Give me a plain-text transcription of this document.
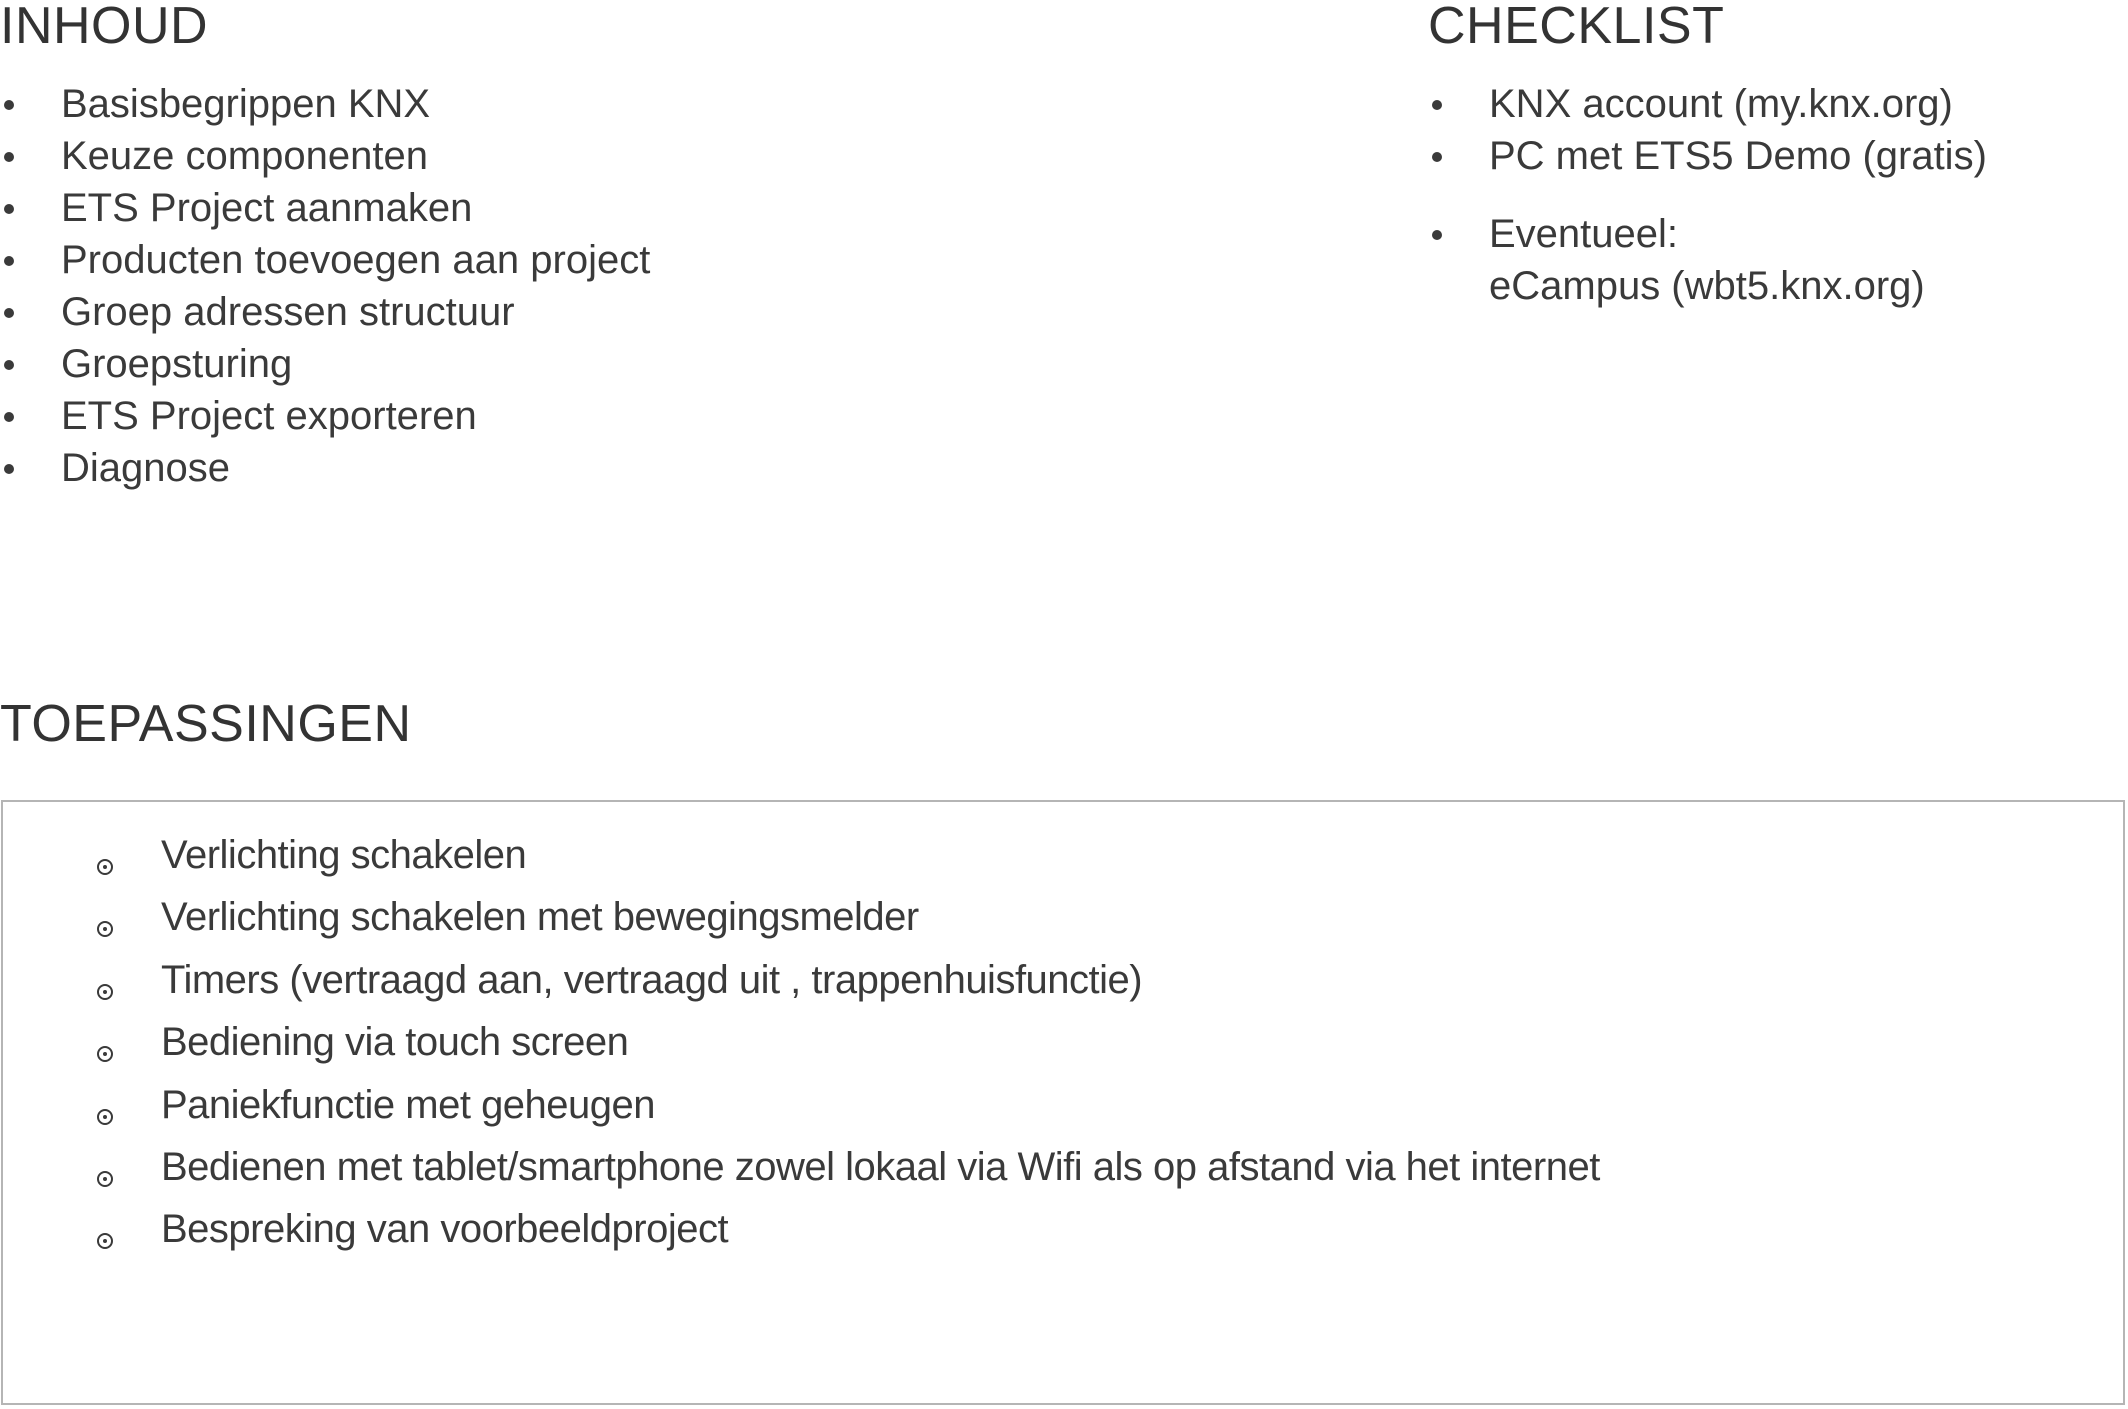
INHOUD
Basisbegrippen KNX
Keuze componenten
ETS Project aanmaken
Producten toevoegen aan project
Groep adressen structuur
Groepsturing
ETS Project exporteren
Diagnose
CHECKLIST
KNX account (my.knx.org)
PC met ETS5 Demo (gratis)
Eventueel:
eCampus (wbt5.knx.org)
TOEPASSINGEN
Verlichting schakelen
Verlichting schakelen met bewegingsmelder
Timers (vertraagd aan, vertraagd uit , trappenhuisfunctie)
Bediening via touch screen
Paniekfunctie met geheugen
Bedienen met tablet/smartphone zowel lokaal via Wifi als op afstand via het internet
Bespreking van voorbeeldproject
